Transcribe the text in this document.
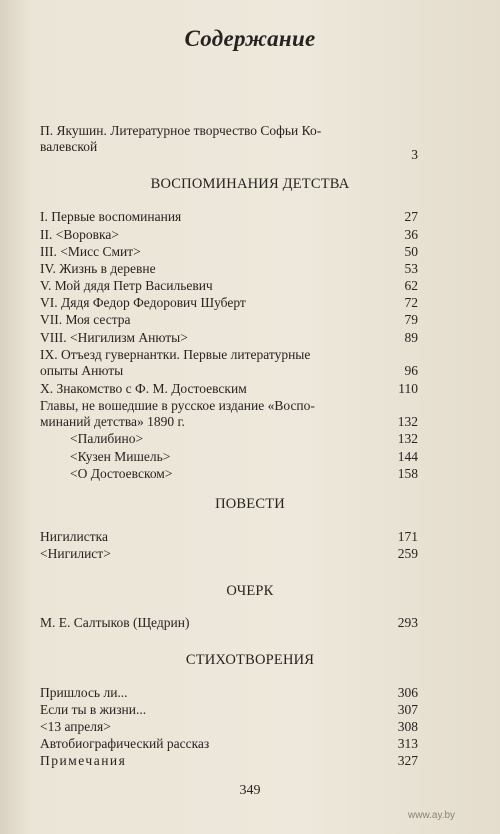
Содержание
П. Якушин. Литературное творчество Софьи Ко-
валевской
3
ВОСПОМИНАНИЯ ДЕТСТВА
I. Первые воспоминания	27
II. <Воровка>	36
III. <Мисс Смит>	50
IV. Жизнь в деревне	53
V. Мой дядя Петр Васильевич	62
VI. Дядя Федор Федорович Шуберт	72
VII. Моя сестра	79
VIII. <Нигилизм Анюты>	89
IX. Отъезд гувернантки. Первые литературные
опыты Анюты	96
X. Знакомство с Ф. М. Достоевским	110
Главы, не вошедшие в русское издание «Воспо-
минаний детства» 1890 г.	132
<Палибино>	132
<Кузен Мишель>	144
<О Достоевском>	158
ПОВЕСТИ
Нигилистка	171
<Нигилист>	259
ОЧЕРК
М. Е. Салтыков (Щедрин)	293
СТИХОТВОРЕНИЯ
Пришлось ли...	306
Если ты в жизни...	307
<13 апреля>	308
Автобиографический рассказ	313
Примечания	327
349
www.ay.by
